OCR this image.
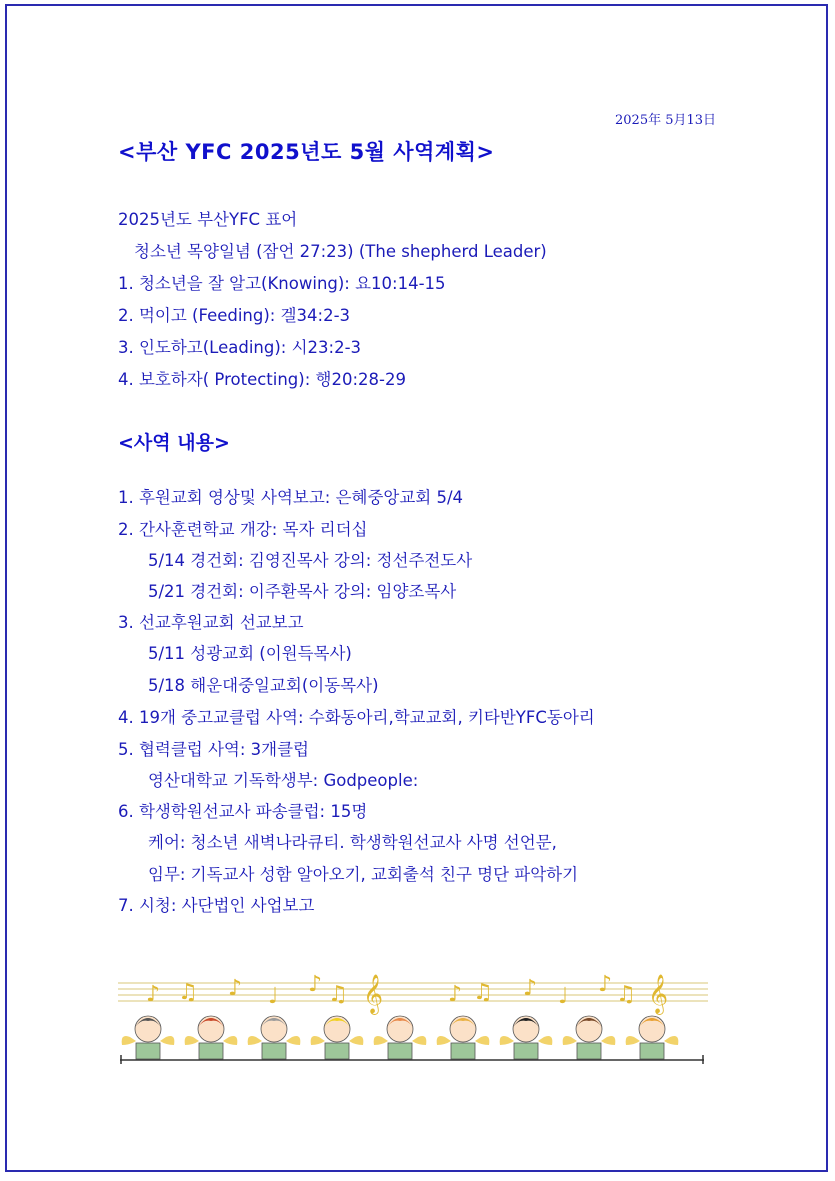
2025年 5月13日
<부산 YFC 2025년도 5월 사역계획>
2025년도 부산YFC 표어
청소년 목양일념 (잠언 27:23) (The shepherd Leader)
1. 청소년을 잘 알고(Knowing): 요10:14-15
2. 먹이고 (Feeding): 겔34:2-3
3. 인도하고(Leading): 시23:2-3
4. 보호하자( Protecting): 행20:28-29
<사역 내용>
1. 후원교회 영상및 사역보고: 은혜중앙교회 5/4
2. 간사훈련학교 개강: 목자 리더십
5/14 경건회: 김영진목사 강의: 정선주전도사
5/21 경건회: 이주환목사 강의: 임양조목사
3. 선교후원교회 선교보고
5/11 성광교회 (이원득목사)
5/18 해운대중일교회(이동목사)
4. 19개 중고교클럽 사역: 수화동아리,학교교회, 키타반YFC동아리
5. 협력클럽 사역: 3개클럽
영산대학교 기독학생부: Godpeople:
6. 학생학원선교사 파송클럽: 15명
케어: 청소년 새벽나라큐티. 학생학원선교사 사명 선언문,
임무: 기독교사 성함 알아오기, 교회출석 친구 명단 파악하기
7. 시청: 사단법인 사업보고
♪ ♫ ♪ ♩ ♪ ♫ 𝄞	♪ ♫ ♪ ♩ ♪ ♫ 𝄞
